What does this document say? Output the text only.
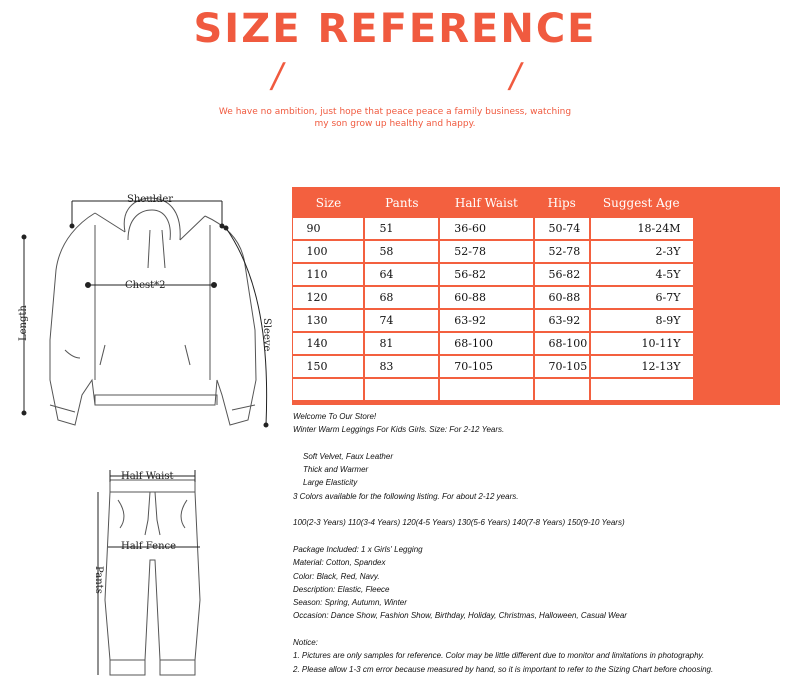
SIZE REFERENCE
/	/
We have no ambition, just hope that peace peace a family business, watching
my son grow up healthy and happy.
Shoulder
Chest*2
Length	Sleeve
Half Waist
Half Fence
Pants
Size	Pants	Half Waist	Hips	Suggest Age
90	51	36-60	50-74	18-24M
100	58	52-78	52-78	2-3Y
110	64	56-82	56-82	4-5Y
120	68	60-88	60-88	6-7Y
130	74	63-92	63-92	8-9Y
140	81	68-100	68-100	10-11Y
150	83	70-105	70-105	12-13Y

Welcome To Our Store!

Winter Warm Leggings For Kids Girls. Size: For 2-12 Years.

Soft Velvet, Faux Leather

Thick and Warmer

Large Elasticity

3 Colors available for the following listing. For about 2-12 years.

100(2-3 Years) 110(3-4 Years) 120(4-5 Years) 130(5-6 Years) 140(7-8 Years) 150(9-10 Years)

Package Included: 1 x Girls' Legging

Material: Cotton, Spandex

Color: Black, Red, Navy.

Description: Elastic, Fleece

Season: Spring, Autumn, Winter

Occasion: Dance Show, Fashion Show, Birthday, Holiday, Christmas, Halloween, Casual Wear

Notice:

1. Pictures are only samples for reference. Color may be little different due to monitor and limitations in photography.

2. Please allow 1-3 cm error because measured by hand, so it is important to refer to the Sizing Chart before choosing.
